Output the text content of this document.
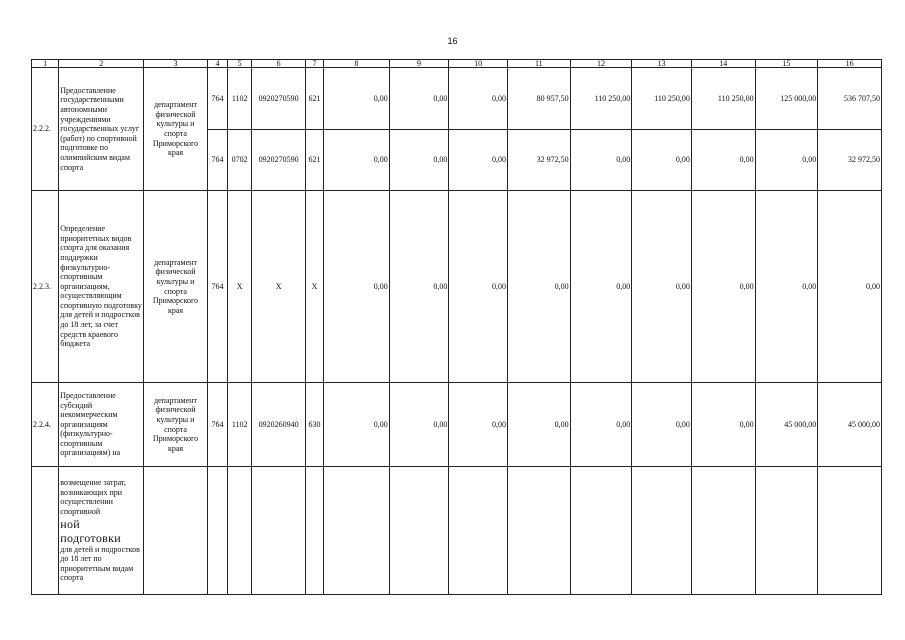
16
1	2	3	4	5	6	7	8	9	10	11	12	13	14	15	16
2.2.2.	Предоставление государственными автономными учреждениями государственных услуг (работ) по спортивной подготовке по олимпийским видам спорта	департамент физической культуры и спорта Приморского края	764	1102	0920270590	621	0,00	0,00	0,00	80 957,50	110 250,00	110 250,00	110 250,00	125 000,00	536 707,50
			764	0702	0920270590	621	0,00	0,00	0,00	32 972,50	0,00	0,00	0,00	0,00	32 972,50
2.2.3.	Определение приоритетных видов спорта для оказания поддержки физкультурно-спортивным организациям, осуществляющим спортивную подготовку для детей и подростков до 18 лет, за счет средств краевого бюджета	департамент физической культуры и спорта Приморского края	764	X	X	X	0,00	0,00	0,00	0,00	0,00	0,00	0,00	0,00	0,00
2.2.4.	Предоставление субсидий некоммерческим организациям (физкультурно-спортивным организациям) на	департамент физической культуры и спорта Приморского края	764	1102	0920260940	630	0,00	0,00	0,00	0,00	0,00	0,00	0,00	45 000,00	45 000,00
	возмещение затрат, возникающих при осуществлении спортивной
ной подготовки
для детей и подростков до 18 лет по приоритетным видам спорта														
